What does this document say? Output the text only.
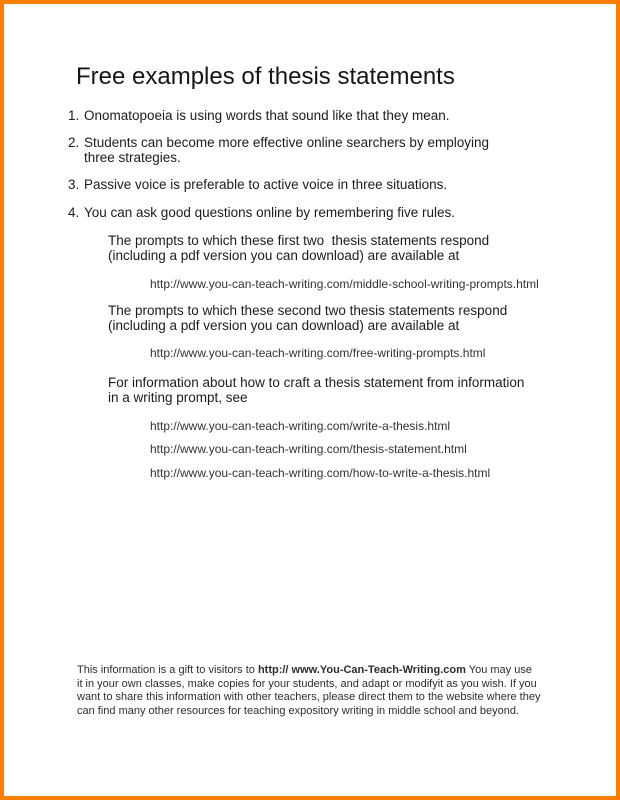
Free examples of thesis statements
1. Onomatopoeia is using words that sound like that they mean.
2. Students can become more effective online searchers by employing
three strategies.
3. Passive voice is preferable to active voice in three situations.
4. You can ask good questions online by remembering five rules.
The prompts to which these first two  thesis statements respond
(including a pdf version you can download) are available at
http://www.you-can-teach-writing.com/middle-school-writing-prompts.html
The prompts to which these second two thesis statements respond
(including a pdf version you can download) are available at
http://www.you-can-teach-writing.com/free-writing-prompts.html
For information about how to craft a thesis statement from information
in a writing prompt, see
http://www.you-can-teach-writing.com/write-a-thesis.html
http://www.you-can-teach-writing.com/thesis-statement.html
http://www.you-can-teach-writing.com/how-to-write-a-thesis.html
This information is a gift to visitors to http:// www.You-Can-Teach-Writing.com You may use
it in your own classes, make copies for your students, and adapt or modifyit as you wish. If you
want to share this information with other teachers, please direct them to the website where they
can find many other resources for teaching expository writing in middle school and beyond.
